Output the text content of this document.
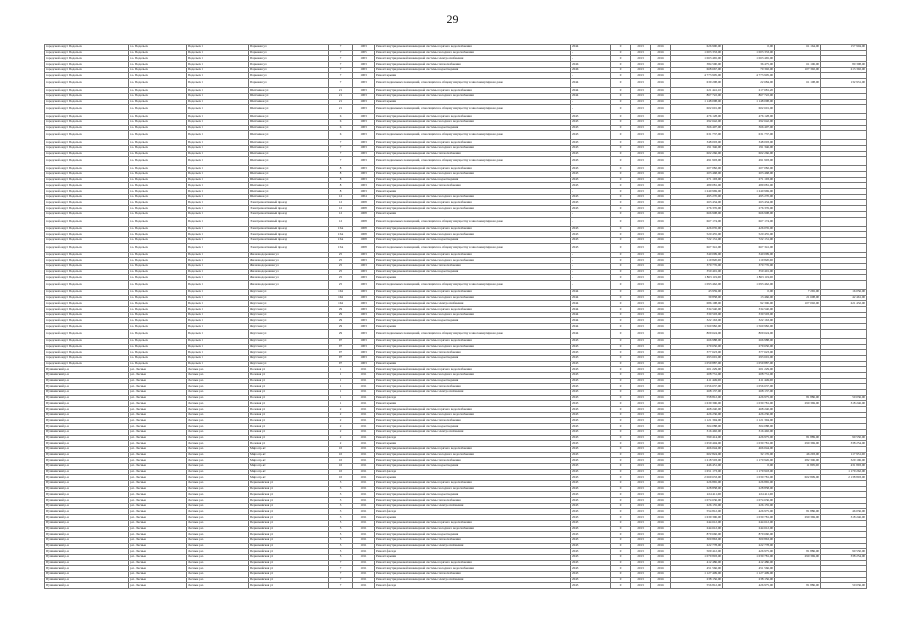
29
городской округ Подольск	г.о. Подольск	Подольск г	Парковая ул	7	1003	Ремонт внутридомовой инженерной системы горячего водоснабжения	2044	0	2013	2016	626 990,00	0,00	61 164,00	157 904,00
городской округ Подольск	г.о. Подольск	Подольск г	Парковая ул	7	1005	Ремонт внутридомовой инженерной системы холодного водоснабжения	-	0	2013	2016	1 003 333,00	1 003 333,00		
городской округ Подольск	г.о. Подольск	Подольск г	Парковая ул	7	1003	Ремонт внутридомовой инженерной системы электроснабжения	-	0	2013	2016	1 063 465,00	1 063 465,00		
городской округ Подольск	г.о. Подольск	Подольск г	Парковая ул	7	1003	Ремонт внутридомовой инженерной системы теплоснабжения	2046	0	2013	2016	384 590,00	36 475,00	61 106,00	80 398,00
городской округ Подольск	г.о. Подольск	Подольск г	Парковая ул	7	1003	Ремонт внутридомовой инженерной системы водоотведения	2046	0	2013	2016	668 667,00	70 302,00	107 392,00	213 392,00
городской округ Подольск	г.о. Подольск	Подольск г	Парковая ул	7	1003	Ремонт крыши	-	0	2013	2016	4 773 905,00	4 773 905,00		
городской округ Подольск	г.о. Подольск	Подольск г	Парковая ул	7	1003	Ремонт подвальных помещений, относящихся к общему имуществу в многоквартирном доме	2044	0	2013	2016	639 298,00	22 684,00	61 108,00	132 931,00
городской округ Подольск	г.о. Подольск	Подольск г	Шепчинок ул	21	1003	Ремонт внутридомовой инженерной системы горячего водоснабжения	2044	0	2013	2016	221 441,10	217 681,20		
городской округ Подольск	г.о. Подольск	Подольск г	Шепчинок ул	21	1003	Ремонт внутридомовой инженерной системы холодного водоснабжения	2044	0	2013	2016	867 722,00	867 722,00		
городской округ Подольск	г.о. Подольск	Подольск г	Шепчинок ул	21	1003	Ремонт крыши	-	0	2013	2016	1 148 098,00	1 148 098,00		
городской округ Подольск	г.о. Подольск	Подольск г	Шепчинок ул	21	1003	Ремонт подвальных помещений, относящихся к общему имуществу в многоквартирном доме	-	0	2013	2016	602 601,00	602 601,00		
городской округ Подольск	г.о. Подольск	Подольск г	Шепчинок ул	6	1003	Ремонт внутридомовой инженерной системы горячего водоснабжения	2043	0	2013	2016	476 128,00	476 128,00		
городской округ Подольск	г.о. Подольск	Подольск г	Шепчинок ул	6	1003	Ремонт внутридомовой инженерной системы холодного водоснабжения	2043	0	2013	2016	292 642,00	292 642,00		
городской округ Подольск	г.о. Подольск	Подольск г	Шепчинок ул	6	1003	Ремонт внутридомовой инженерной системы водоотведения	2043	0	2013	2016	366 407,00	366 407,00		
городской округ Подольск	г.о. Подольск	Подольск г	Шепчинок ул	6	1003	Ремонт подвальных помещений, относящихся к общему имуществу в многоквартирном доме	2043	0	2013	2016	631 737,00	631 737,00		
городской округ Подольск	г.о. Подольск	Подольск г	Шепчинок ул	7	1003	Ремонт внутридомовой инженерной системы горячего водоснабжения	2043	0	2013	2016	348 003,00	348 003,00		
городской округ Подольск	г.о. Подольск	Подольск г	Шепчинок ул	7	1003	Ремонт внутридомовой инженерной системы холодного водоснабжения	2043	0	2013	2016	191 346,00	191 346,00		
городской округ Подольск	г.о. Подольск	Подольск г	Шепчинок ул	7	1003	Ремонт внутридомовой инженерной системы теплоснабжения	2043	0	2013	2016	602 266,00	602 266,00		
городской округ Подольск	г.о. Подольск	Подольск г	Шепчинок ул	7	1003	Ремонт подвальных помещений, относящихся к общему имуществу в многоквартирном доме	2043	0	2013	2016	491 903,00	491 903,00		
городской округ Подольск	г.о. Подольск	Подольск г	Шепчинок ул	8	1003	Ремонт внутридомовой инженерной системы горячего водоснабжения	2043	0	2013	2016	207 082,00	207 082,00		
городской округ Подольск	г.о. Подольск	Подольск г	Шепчинок ул	8	1003	Ремонт внутридомовой инженерной системы холодного водоснабжения	2043	0	2013	2016	203 468,00	203 468,00		
городской округ Подольск	г.о. Подольск	Подольск г	Шепчинок ул	8	1003	Ремонт внутридомовой инженерной системы водоотведения	2043	0	2013	2016	271 193,00	271 193,00		
городской округ Подольск	г.о. Подольск	Подольск г	Шепчинок ул	8	1003	Ремонт внутридомовой инженерной системы теплоснабжения	2043	0	2013	2016	489 081,00	489 081,00		
городской округ Подольск	г.о. Подольск	Подольск г	Шепчинок ул	8	1003	Ремонт крыши	-	0	2013	2016	1 240 969,00	1 240 969,00		
городской округ Подольск	г.о. Подольск	Подольск г	Шепчинок ул	12	1004	Ремонт внутридомовой инженерной системы холодного водоснабжения	2043	0	2013	2016	495 270,00	495 270,00		
городской округ Подольск	г.о. Подольск	Подольск г	Электромонтажный проезд	12	1008	Ремонт внутридомовой инженерной системы горячего водоснабжения	2043	0	2013	2016	263 434,00	263 434,00		
городской округ Подольск	г.о. Подольск	Подольск г	Электромонтажный проезд	12	1008	Ремонт внутридомовой инженерной системы холодного водоснабжения	2043	0	2013	2016	276 376,00	276 376,00		
городской округ Подольск	г.о. Подольск	Подольск г	Электромонтажный проезд	12	1008	Ремонт крыши	-	0	2013	2016	666 908,00	666 908,00		
городской округ Подольск	г.о. Подольск	Подольск г	Электромонтажный проезд	12	1008	Ремонт подвальных помещений, относящихся к общему имуществу в многоквартирном доме	-	0	2013	2016	667 174,00	667 174,00		
городской округ Подольск	г.о. Подольск	Подольск г	Электромонтажный проезд	13А	1008	Ремонт внутридомовой инженерной системы горячего водоснабжения	2043	0	2013	2016	426 035,00	426 035,00		
городской округ Подольск	г.о. Подольск	Подольск г	Электромонтажный проезд	13А	1008	Ремонт внутридомовой инженерной системы холодного водоснабжения	2043	0	2013	2016	520 455,00	520 455,00		
городской округ Подольск	г.о. Подольск	Подольск г	Электромонтажный проезд	13А	1008	Ремонт внутридомовой инженерной системы водоотведения	2043	0	2013	2016	722 131,00	722 131,00		
городской округ Подольск	г.о. Подольск	Подольск г	Электромонтажный проезд	13А	1008	Ремонт подвальных помещений, относящихся к общему имуществу в многоквартирном доме	2043	0	2013	2016	667 341,00	667 341,00		
городской округ Подольск	г.о. Подольск	Подольск г	Железнодорожная ул	25	1003	Ремонт внутридомовой инженерной системы горячего водоснабжения	-	0	2013	2016	340 099,00	340 099,00		
городской округ Подольск	г.о. Подольск	Подольск г	Железнодорожная ул	25	1003	Ремонт внутридомовой инженерной системы холодного водоснабжения	-	0	2013	2016	119 820,00	119 820,00		
городской округ Подольск	г.о. Подольск	Подольск г	Железнодорожная ул	25	1003	Ремонт внутридомовой инженерной системы теплоснабжения	-	0	2013	2016	370 776,00	370 776,00		
городской округ Подольск	г.о. Подольск	Подольск г	Железнодорожная ул	25	1003	Ремонт внутридомовой инженерной системы водоотведения	-	0	2013	2016	350 401,00	350 401,00		
городской округ Подольск	г.о. Подольск	Подольск г	Железнодорожная ул	25	1003	Ремонт крыши	-	0	2013	2016	1 863 119,00	1 863 119,00		
городской округ Подольск	г.о. Подольск	Подольск г	Железнодорожная ул	25	1003	Ремонт подвальных помещений, относящихся к общему имуществу в многоквартирном доме	-	0	2013	2016	1 093 462,00	1 093 462,00		
городской округ Подольск	г.о. Подольск	Подольск г	Якутская ул	164	1003	Ремонт внутридомовой инженерной системы горячего водоснабжения	2044	0	2013	2016	43 959,00	0,00	7 265,00	16 056,00
городской округ Подольск	г.о. Подольск	Подольск г	Якутская ул	164	1003	Ремонт внутридомовой инженерной системы холодного водоснабжения	2044	0	2013	2016	39 858,00	13 466,00	21 608,00	42 461,00
городской округ Подольск	г.о. Подольск	Подольск г	Якутская ул	164	1003	Ремонт внутридомовой инженерной системы электроснабжения	2044	0	2013	2016	686 198,00	92 306,00	107 002,00	221 432,00
городской округ Подольск	г.о. Подольск	Подольск г	Якутская ул	29	1003	Ремонт внутридомовой инженерной системы горячего водоснабжения	2044	0	2013	2016	334 540,00	334 540,00		
городской округ Подольск	г.о. Подольск	Подольск г	Якутская ул	29	1003	Ремонт внутридомовой инженерной системы холодного водоснабжения	2044	0	2013	2016	330 503,00	330 503,00		
городской округ Подольск	г.о. Подольск	Подольск г	Якутская ул	29	1003	Ремонт внутридомовой инженерной системы водоотведения	2044	0	2013	2016	322 163,00	322 163,00		
городской округ Подольск	г.о. Подольск	Подольск г	Якутская ул	29	1003	Ремонт крыши	2044	0	2013	2016	1 560 982,00	1 560 982,00		
городской округ Подольск	г.о. Подольск	Подольск г	Якутская ул	29	1003	Ремонт подвальных помещений, относящихся к общему имуществу в многоквартирном доме	2044	0	2013	2016	809 624,00	809 624,00		
городской округ Подольск	г.о. Подольск	Подольск г	Якутская ул	97	1003	Ремонт внутридомовой инженерной системы горячего водоснабжения	2043	0	2013	2016	266 988,00	266 988,00		
городской округ Подольск	г.о. Подольск	Подольск г	Якутская ул	97	1003	Ремонт внутридомовой инженерной системы холодного водоснабжения	2043	0	2013	2016	279 650,00	279 650,00		
городской округ Подольск	г.о. Подольск	Подольск г	Якутская ул	97	1003	Ремонт внутридомовой инженерной системы теплоснабжения	2043	0	2013	2016	377 623,00	377 623,00		
городской округ Подольск	г.о. Подольск	Подольск г	Якутская ул	97	1003	Ремонт внутридомовой инженерной системы водоотведения	2043	0	2013	2016	293 601,00	293 601,00		
городской округ Подольск	г.о. Подольск	Подольск г	Якутская ул	97	1003	Ремонт крыши	2043	0	2013	2016	1 059 887,00	1 059 887,00		
Пушкинский р-н	р.п. Лесные	Лесные р.п.	Полевая ул	1	1011	Ремонт внутридомовой инженерной системы горячего водоснабжения	2043	0	2013	2016	201 229,00	201 229,00		
Пушкинский р-н	р.п. Лесные	Лесные р.п.	Полевая ул	1	1011	Ремонт внутридомовой инженерной системы холодного водоснабжения	2043	0	2013	2016	208 731,00	208 731,00		
Пушкинский р-н	р.п. Лесные	Лесные р.п.	Полевая ул	1	1011	Ремонт внутридомовой инженерной системы водоотведения	2043	0	2013	2016	411 449,00	411 449,00		
Пушкинский р-н	р.п. Лесные	Лесные р.п.	Полевая ул	1	1011	Ремонт внутридомовой инженерной системы теплоснабжения	2043	0	2013	2016	1 056 637,00	1 056 637,00		
Пушкинский р-н	р.п. Лесные	Лесные р.п.	Полевая ул	1	1011	Ремонт внутридомовой инженерной системы электроснабжения	2043	0	2013	2016	268 137,00	268 137,00		
Пушкинский р-н	р.п. Лесные	Лесные р.п.	Полевая ул	1	1011	Ремонт фасада	2043	0	2013	2016	558 812,00	426 975,00	81 886,00	50 036,00
Пушкинский р-н	р.п. Лесные	Лесные р.п.	Полевая ул	1	1011	Ремонт крыши	2043	0	2013	2016	1 639 396,00	1 030 781,00	290 369,00	318 246,00
Пушкинский р-н	р.п. Лесные	Лесные р.п.	Полевая ул	2	1011	Ремонт внутридомовой инженерной системы горячего водоснабжения	2043	0	2013	2016	468 240,00	468 240,00		
Пушкинский р-н	р.п. Лесные	Лесные р.п.	Полевая ул	2	1011	Ремонт внутридомовой инженерной системы холодного водоснабжения	2043	0	2013	2016	426 236,00	426 236,00		
Пушкинский р-н	р.п. Лесные	Лесные р.п.	Полевая ул	2	1011	Ремонт внутридомовой инженерной системы теплоснабжения	2043	0	2013	2016	1 121 394,00	1 121 394,00		
Пушкинский р-н	р.п. Лесные	Лесные р.п.	Полевая ул	2	1011	Ремонт внутридомовой инженерной системы водоотведения	2043	0	2013	2016	304 088,00	304 088,00		
Пушкинский р-н	р.п. Лесные	Лесные р.п.	Полевая ул	2	1011	Ремонт внутридомовой инженерной системы электроснабжения	2043	0	2013	2016	316 492,00	316 492,00		
Пушкинский р-н	р.п. Лесные	Лесные р.п.	Полевая ул	2	1011	Ремонт фасада	2043	0	2013	2016	599 414,00	426 975,00	81 889,00	90 550,00
Пушкинский р-н	р.п. Лесные	Лесные р.п.	Полевая ул	2	1011	Ремонт крыши	2043	0	2013	2016	1 659 404,00	1 030 781,00	290 369,00	338 254,00
Пушкинский р-н	р.п. Лесные	Лесные р.п.	Мира пр-кт	10	1011	Ремонт внутридомовой инженерной системы горячего водоснабжения	2043	0	2013	2016	466 044,00	466 044,00		
Пушкинский р-н	р.п. Лесные	Лесные р.п.	Мира пр-кт	10	1011	Ремонт внутридомовой инженерной системы холодного водоснабжения	2043	0	2013	2016	602 824,00	32 176,00	46 293,00	117 951,00
Пушкинский р-н	р.п. Лесные	Лесные р.п.	Мира пр-кт	10	1011	Ремонт внутридомовой инженерной системы теплоснабжения	2043	0	2013	2016	1 218 503,00	1 170 926,00	282 306,00	329 196,00
Пушкинский р-н	р.п. Лесные	Лесные р.п.	Мира пр-кт	10	1011	Ремонт внутридомовой инженерной системы водоотведения	2043	0	2013	2016	446 451,00	0,00	11 895,00	431 893,00
Пушкинский р-н	р.п. Лесные	Лесные р.п.	Мира пр-кт	10	1011	Ремонт фасада	2043	0	2013	2016	1 651 173,00	1 179 918,00		1 179 262,00
Пушкинский р-н	р.п. Лесные	Лесные р.п.	Мира пр-кт	10	1011	Ремонт крыши	2043	0	2013	2016	2 069 633,00	1 030 781,00	602 809,00	2 138 803,00
Пушкинский р-н	р.п. Лесные	Лесные р.п.	Первомайская ул	3	1011	Ремонт внутридомовой инженерной системы горячего водоснабжения	2043	0	2013	2016	226 865,00	226 865,00		
Пушкинский р-н	р.п. Лесные	Лесные р.п.	Первомайская ул	3	1011	Ремонт внутридомовой инженерной системы холодного водоснабжения	2043	0	2013	2016	228 858,00	228 858,00		
Пушкинский р-н	р.п. Лесные	Лесные р.п.	Первомайская ул	3	1011	Ремонт внутридомовой инженерной системы водоотведения	2043	0	2013	2016	224 411,00	224 411,00		
Пушкинский р-н	р.п. Лесные	Лесные р.п.	Первомайская ул	3	1011	Ремонт внутридомовой инженерной системы теплоснабжения	2043	0	2013	2016	1 074 636,00	1 074 636,00		
Пушкинский р-н	р.п. Лесные	Лесные р.п.	Первомайская ул	3	1011	Ремонт внутридомовой инженерной системы электроснабжения	2043	0	2013	2016	226 155,00	226 155,00		
Пушкинский р-н	р.п. Лесные	Лесные р.п.	Первомайская ул	3	1011	Ремонт фасада	2043	0	2013	2016	554 812,00	426 975,00	81 886,00	46 036,00
Пушкинский р-н	р.п. Лесные	Лесные р.п.	Первомайская ул	3	1011	Ремонт крыши	2043	0	2013	2016	1 639 396,00	1 030 781,00	290 369,00	318 246,00
Пушкинский р-н	р.п. Лесные	Лесные р.п.	Первомайская ул	5	1011	Ремонт внутридомовой инженерной системы горячего водоснабжения	2043	0	2013	2016	244 612,00	244 612,00		
Пушкинский р-н	р.п. Лесные	Лесные р.п.	Первомайская ул	5	1011	Ремонт внутридомовой инженерной системы холодного водоснабжения	2043	0	2013	2016	244 612,00	244 612,00		
Пушкинский р-н	р.п. Лесные	Лесные р.п.	Первомайская ул	5	1011	Ремонт внутридомовой инженерной системы водоотведения	2043	0	2013	2016	879 660,00	879 660,00		
Пушкинский р-н	р.п. Лесные	Лесные р.п.	Первомайская ул	5	1011	Ремонт внутридомовой инженерной системы теплоснабжения	2043	0	2013	2016	300 863,00	300 863,00		
Пушкинский р-н	р.п. Лесные	Лесные р.п.	Первомайская ул	5	1011	Ремонт внутридомовой инженерной системы электроснабжения	2043	0	2013	2016	222 778,00	222 778,00		
Пушкинский р-н	р.п. Лесные	Лесные р.п.	Первомайская ул	5	1011	Ремонт фасада	2043	0	2013	2016	509 412,00	426 975,00	81 886,00	90 550,00
Пушкинский р-н	р.п. Лесные	Лесные р.п.	Первомайская ул	5	1011	Ремонт крыши	2043	0	2013	2016	1 079 803,00	1 030 781,00	290 369,00	338 254,00
Пушкинский р-н	р.п. Лесные	Лесные р.п.	Первомайская ул	7	1011	Ремонт внутридомовой инженерной системы горячего водоснабжения	2043	0	2013	2016	412 486,00	412 486,00		
Пушкинский р-н	р.п. Лесные	Лесные р.п.	Первомайская ул	7	1011	Ремонт внутридомовой инженерной системы холодного водоснабжения	2043	0	2013	2016	451 566,00	451 566,00		
Пушкинский р-н	р.п. Лесные	Лесные р.п.	Первомайская ул	7	1011	Ремонт внутридомовой инженерной системы теплоснабжения	2043	0	2013	2016	1 127 409,00	1 127 409,00		
Пушкинский р-н	р.п. Лесные	Лесные р.п.	Первомайская ул	7	1011	Ремонт внутридомовой инженерной системы электроснабжения	2043	0	2013	2016	238 156,00	238 156,00		
Пушкинский р-н	р.п. Лесные	Лесные р.п.	Первомайская ул	7	1011	Ремонт фасада	2043	0	2013	2016	556 812,00	426 975,00	81 886,00	50 036,00
